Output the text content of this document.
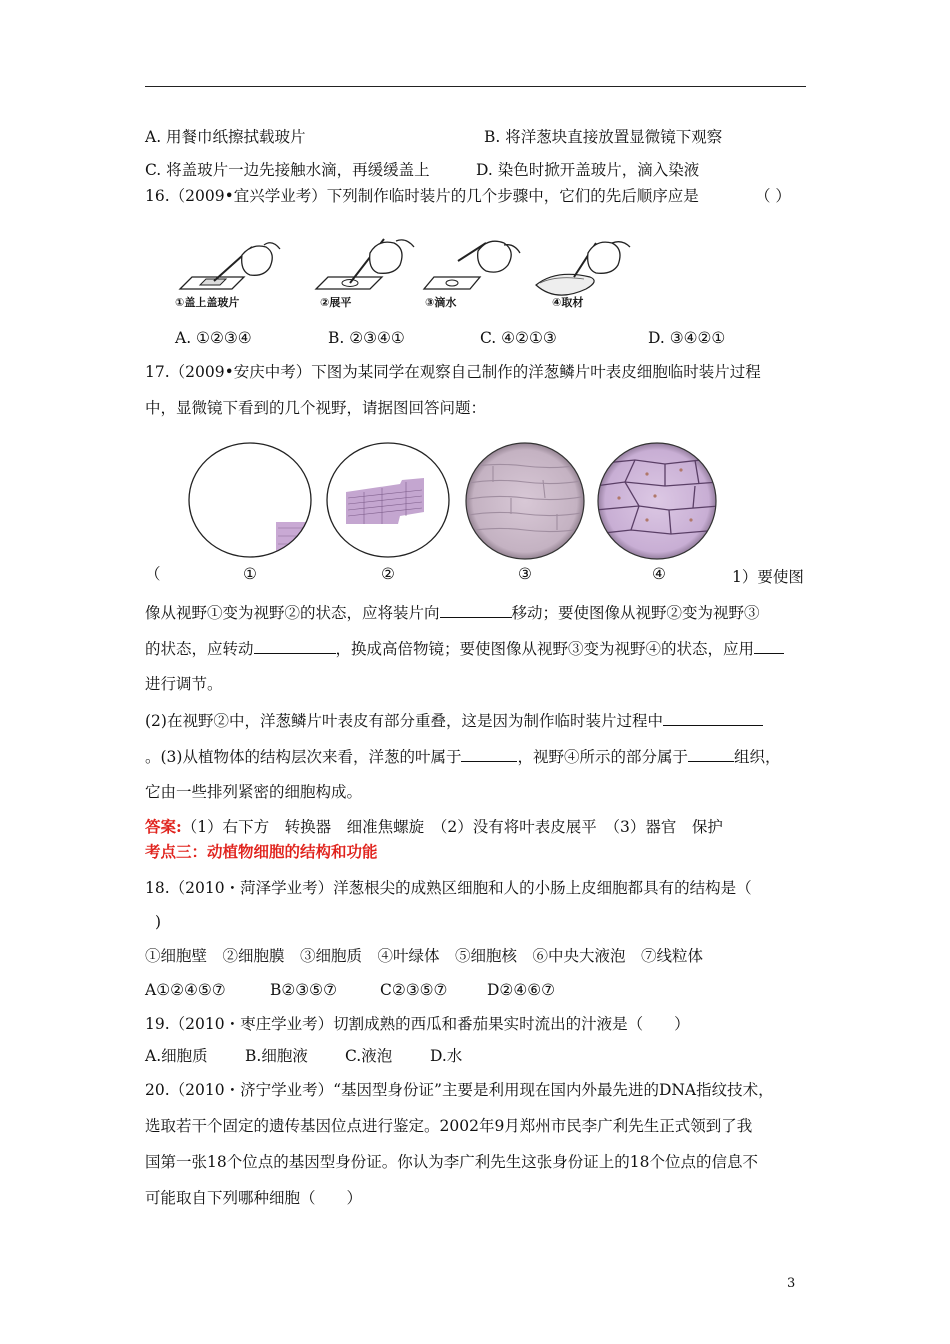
A. 用餐巾纸擦拭载玻片	B. 将洋葱块直接放置显微镜下观察
C. 将盖玻片一边先接触水滴，再缓缓盖上	D. 染色时掀开盖玻片，滴入染液
16.（2009•宜兴学业考）下列制作临时装片的几个步骤中，它们的先后顺序应是	（ ）
①盖上盖玻片	②展平	③滴水	④取材
A. ①②③④	B. ②③④①	C. ④②①③	D. ③④②①
17.（2009•安庆中考）下图为某同学在观察自己制作的洋葱鳞片叶表皮细胞临时装片过程
中，显微镜下看到的几个视野，请据图回答问题：
（	①	②	③	④	1）要使图
像从视野①变为视野②的状态，应将装片向	移动；要使图像从视野②变为视野③
的状态，应转动	，换成高倍物镜；要使图像从视野③变为视野④的状态，应用
进行调节。
(2)在视野②中，洋葱鳞片叶表皮有部分重叠，这是因为制作临时装片过程中
。(3)从植物体的结构层次来看，洋葱的叶属于	，视野④所示的部分属于	组织，
它由一些排列紧密的细胞构成。
答案:（1）右下方　转换器　细准焦螺旋　（2）没有将叶表皮展平　（3）器官　保护
考点三：动植物细胞的结构和功能
18.（2010・菏泽学业考）洋葱根尖的成熟区细胞和人的小肠上皮细胞都具有的结构是（
)
①细胞壁　②细胞膜　③细胞质　④叶绿体　⑤细胞核　⑥中央大液泡　⑦线粒体
A①②④⑤⑦	B②③⑤⑦	C②③⑤⑦	D②④⑥⑦
19.（2010・枣庄学业考）切割成熟的西瓜和番茄果实时流出的汁液是（　　）
A.细胞质 B.细胞液 C.液泡 D.水
20.（2010・济宁学业考）“基因型身份证”主要是利用现在国内外最先进的DNA指纹技术，
选取若干个固定的遗传基因位点进行鉴定。2002年9月郑州市民李广利先生正式领到了我
国第一张18个位点的基因型身份证。你认为李广利先生这张身份证上的18个位点的信息不
可能取自下列哪种细胞（　　）
3
